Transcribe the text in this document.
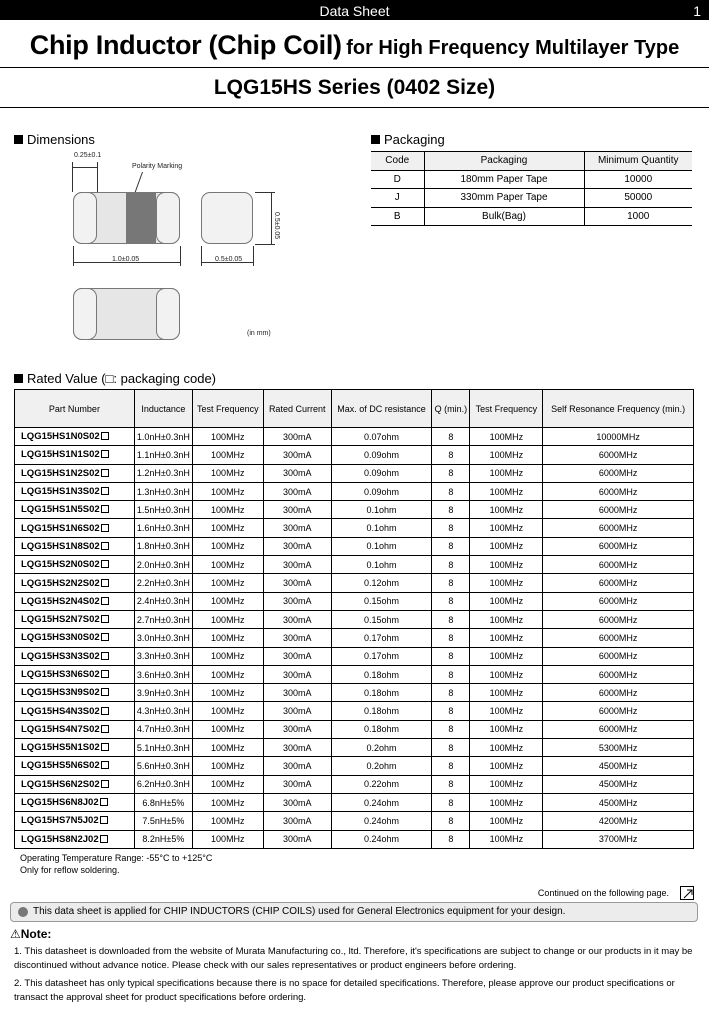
Data Sheet	1
Chip Inductor (Chip Coil) for High Frequency Multilayer Type
LQG15HS Series (0402 Size)
Dimensions
0.25±0.1
Polarity Marking
1.0±0.05	0.5±0.05
0.5±0.05
(in mm)
Packaging
Code	Packaging	Minimum Quantity
D	180mm Paper Tape	10000
J	330mm Paper Tape	50000
B	Bulk(Bag)	1000
Rated Value (□: packaging code)
Part Number	Inductance	Test Frequency	Rated Current	Max. of DC resistance	Q (min.)	Test Frequency	Self Resonance Frequency (min.)
LQG15HS1N0S02	1.0nH±0.3nH	100MHz	300mA	0.07ohm	8	100MHz	10000MHz
LQG15HS1N1S02	1.1nH±0.3nH	100MHz	300mA	0.09ohm	8	100MHz	6000MHz
LQG15HS1N2S02	1.2nH±0.3nH	100MHz	300mA	0.09ohm	8	100MHz	6000MHz
LQG15HS1N3S02	1.3nH±0.3nH	100MHz	300mA	0.09ohm	8	100MHz	6000MHz
LQG15HS1N5S02	1.5nH±0.3nH	100MHz	300mA	0.1ohm	8	100MHz	6000MHz
LQG15HS1N6S02	1.6nH±0.3nH	100MHz	300mA	0.1ohm	8	100MHz	6000MHz
LQG15HS1N8S02	1.8nH±0.3nH	100MHz	300mA	0.1ohm	8	100MHz	6000MHz
LQG15HS2N0S02	2.0nH±0.3nH	100MHz	300mA	0.1ohm	8	100MHz	6000MHz
LQG15HS2N2S02	2.2nH±0.3nH	100MHz	300mA	0.12ohm	8	100MHz	6000MHz
LQG15HS2N4S02	2.4nH±0.3nH	100MHz	300mA	0.15ohm	8	100MHz	6000MHz
LQG15HS2N7S02	2.7nH±0.3nH	100MHz	300mA	0.15ohm	8	100MHz	6000MHz
LQG15HS3N0S02	3.0nH±0.3nH	100MHz	300mA	0.17ohm	8	100MHz	6000MHz
LQG15HS3N3S02	3.3nH±0.3nH	100MHz	300mA	0.17ohm	8	100MHz	6000MHz
LQG15HS3N6S02	3.6nH±0.3nH	100MHz	300mA	0.18ohm	8	100MHz	6000MHz
LQG15HS3N9S02	3.9nH±0.3nH	100MHz	300mA	0.18ohm	8	100MHz	6000MHz
LQG15HS4N3S02	4.3nH±0.3nH	100MHz	300mA	0.18ohm	8	100MHz	6000MHz
LQG15HS4N7S02	4.7nH±0.3nH	100MHz	300mA	0.18ohm	8	100MHz	6000MHz
LQG15HS5N1S02	5.1nH±0.3nH	100MHz	300mA	0.2ohm	8	100MHz	5300MHz
LQG15HS5N6S02	5.6nH±0.3nH	100MHz	300mA	0.2ohm	8	100MHz	4500MHz
LQG15HS6N2S02	6.2nH±0.3nH	100MHz	300mA	0.22ohm	8	100MHz	4500MHz
LQG15HS6N8J02	6.8nH±5%	100MHz	300mA	0.24ohm	8	100MHz	4500MHz
LQG15HS7N5J02	7.5nH±5%	100MHz	300mA	0.24ohm	8	100MHz	4200MHz
LQG15HS8N2J02	8.2nH±5%	100MHz	300mA	0.24ohm	8	100MHz	3700MHz
Operating Temperature Range: -55°C to +125°C
Only for reflow soldering.
Continued on the following page.
This data sheet is applied for CHIP INDUCTORS (CHIP COILS) used for General Electronics equipment for your design.
⚠Note:
1. This datasheet is downloaded from the website of Murata Manufacturing co., ltd. Therefore, it's specifications are subject to change or our products in it may be discontinued without advance notice. Please check with our sales representatives or product engineers before ordering.
2. This datasheet has only typical specifications because there is no space for detailed specifications. Therefore, please approve our product specifications or transact the approval sheet for product specifications before ordering.
